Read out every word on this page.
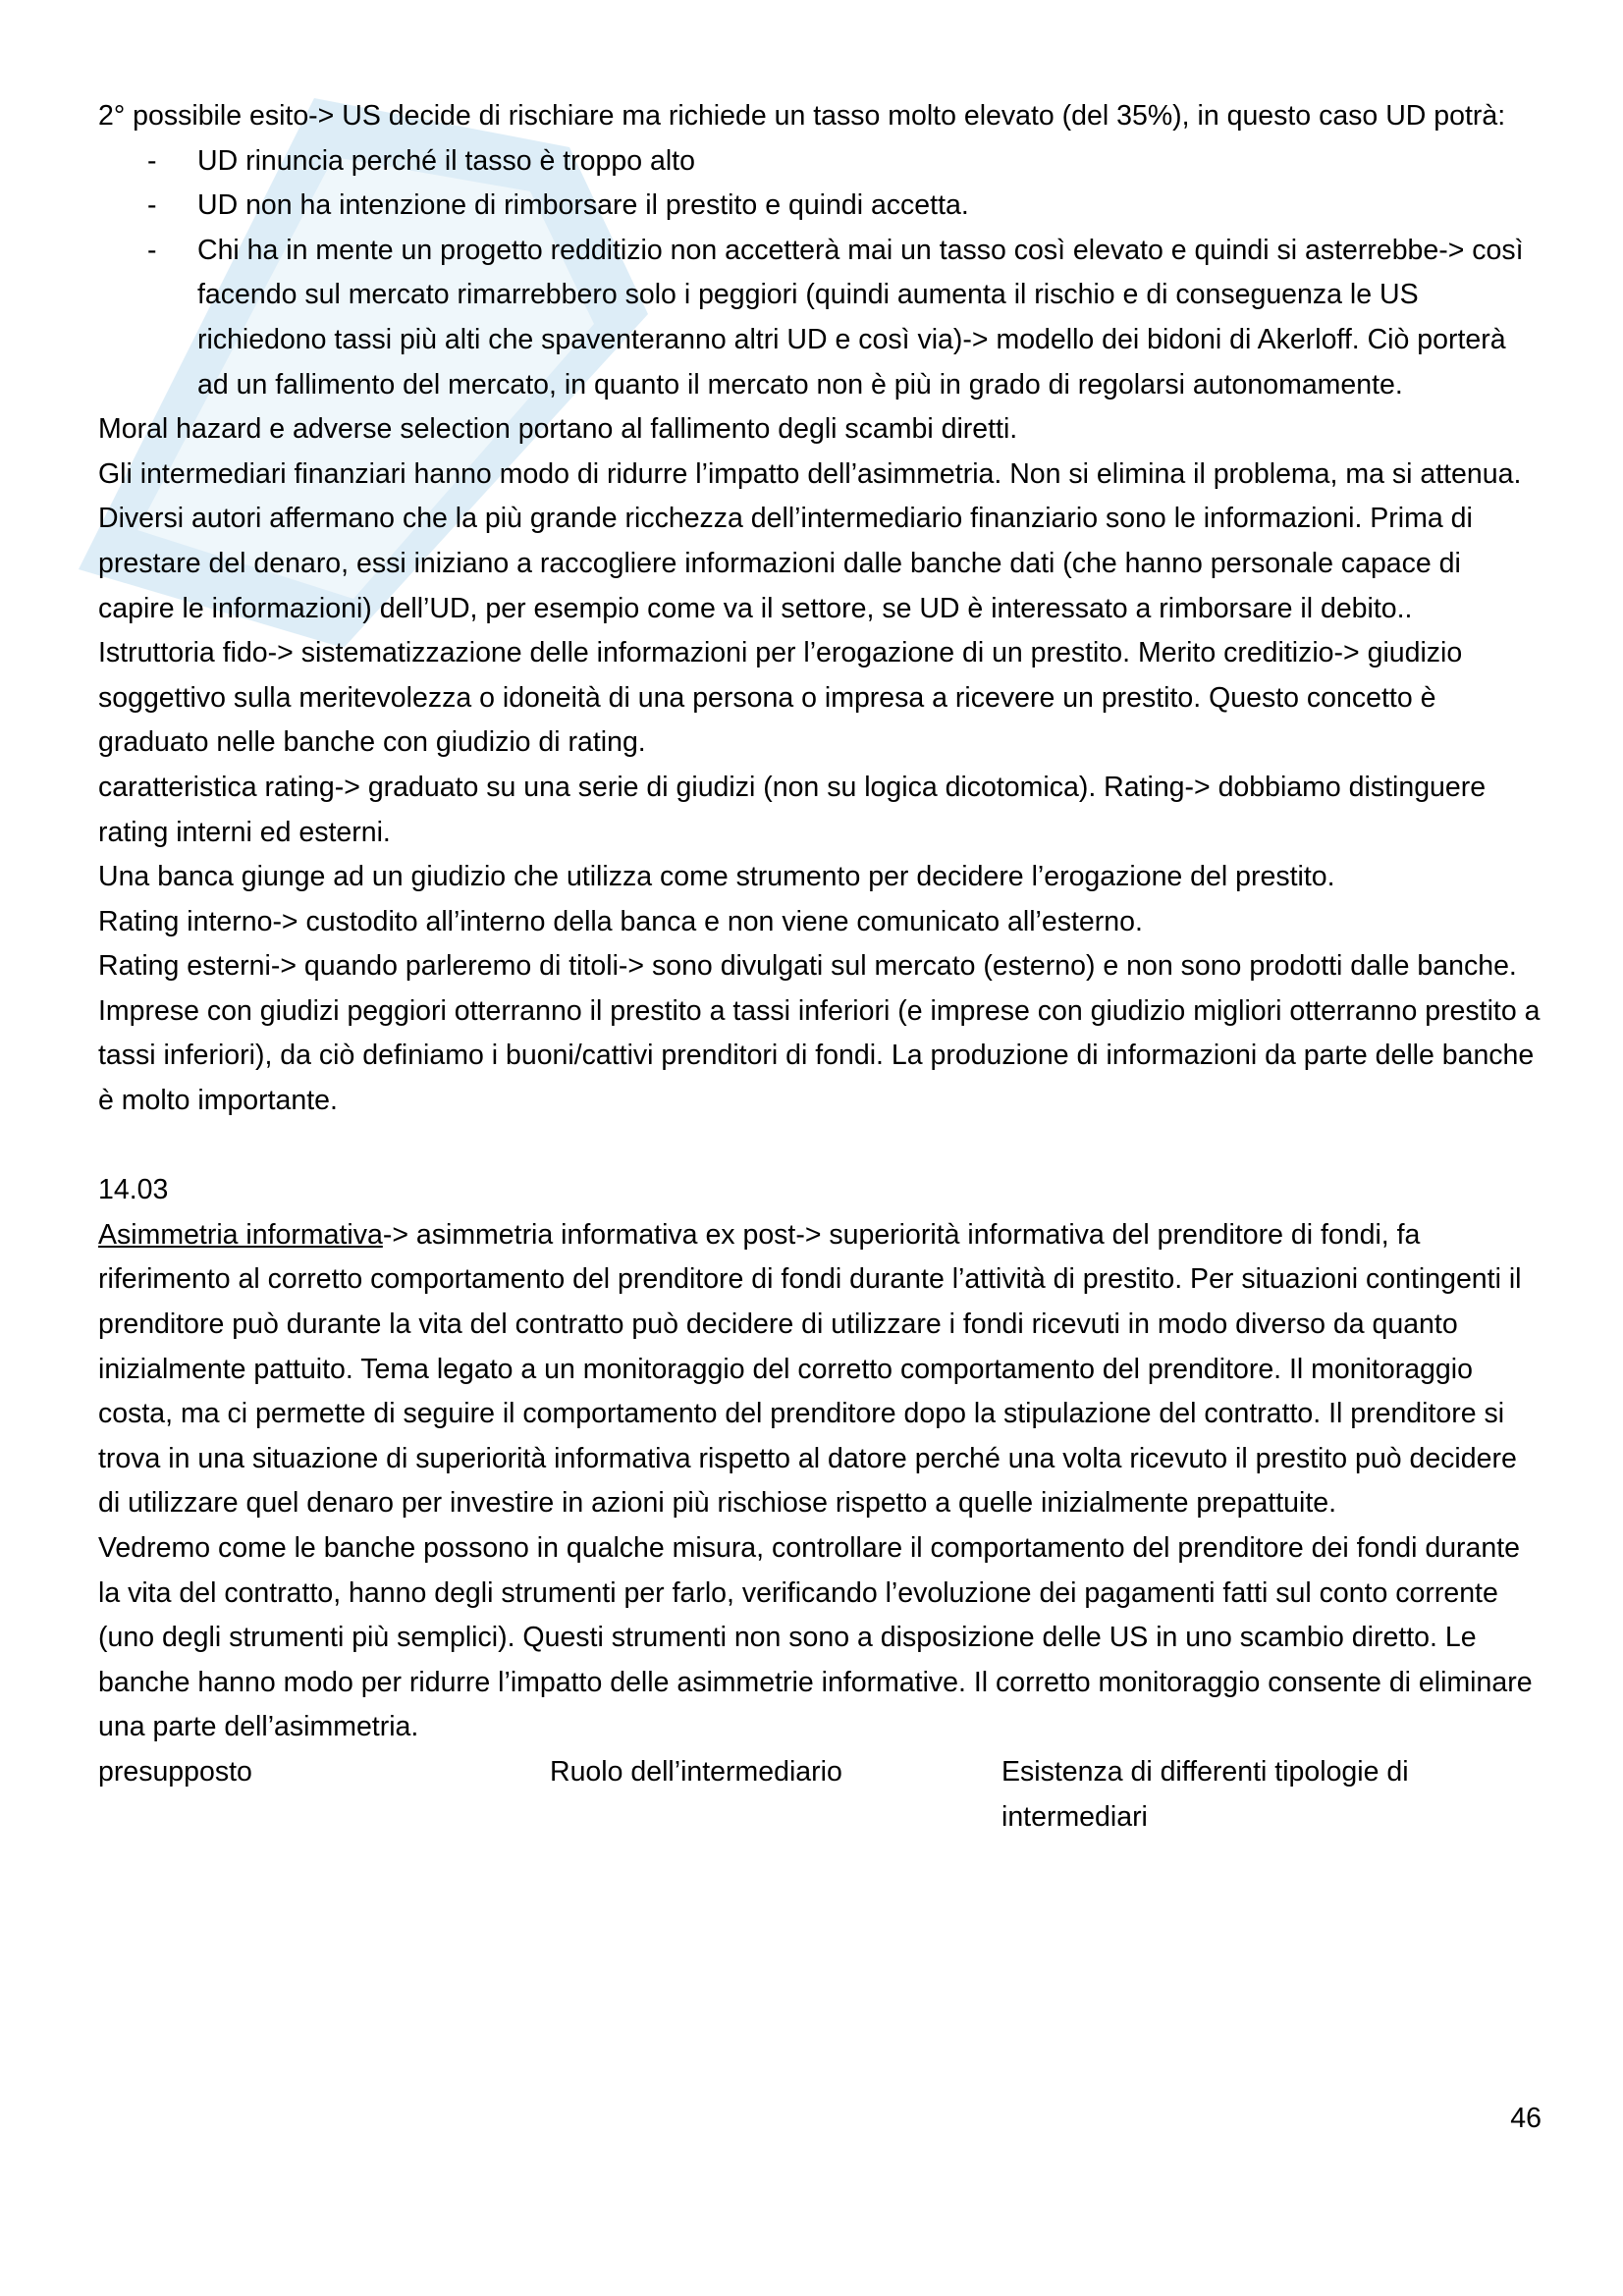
2° possibile esito-> US decide di rischiare ma richiede un tasso molto elevato (del 35%), in questo caso UD potrà:

- UD rinuncia perché il tasso è troppo alto
- UD non ha intenzione di rimborsare il prestito e quindi accetta.
- Chi ha in mente un progetto redditizio non accetterà mai un tasso così elevato e quindi si asterrebbe-> così facendo sul mercato rimarrebbero solo i peggiori (quindi aumenta il rischio e di conseguenza le US richiedono tassi più alti che spaventeranno altri UD e così via)-> modello dei bidoni di Akerloff. Ciò porterà ad un fallimento del mercato, in quanto il mercato non è più in grado di regolarsi autonomamente.

Moral hazard e adverse selection portano al fallimento degli scambi diretti.

Gli intermediari finanziari hanno modo di ridurre l’impatto dell’asimmetria. Non si elimina il problema, ma si attenua. Diversi autori affermano che la più grande ricchezza dell’intermediario finanziario sono le informazioni. Prima di prestare del denaro, essi iniziano a raccogliere informazioni dalle banche dati (che hanno personale capace di capire le informazioni) dell’UD, per esempio come va il settore, se UD è interessato a rimborsare il debito..

Istruttoria fido-> sistematizzazione delle informazioni per l’erogazione di un prestito. Merito creditizio-> giudizio soggettivo sulla meritevolezza o idoneità di una persona o impresa a ricevere un prestito. Questo concetto è graduato nelle banche con giudizio di rating.

caratteristica rating-> graduato su una serie di giudizi (non su logica dicotomica). Rating-> dobbiamo distinguere rating interni ed esterni.

Una banca giunge ad un giudizio che utilizza come strumento per decidere l’erogazione del prestito.

Rating interno-> custodito all’interno della banca e non viene comunicato all’esterno.

Rating esterni-> quando parleremo di titoli-> sono divulgati sul mercato (esterno) e non sono prodotti dalle banche.

Imprese con giudizi peggiori otterranno il prestito a tassi inferiori (e imprese con giudizio migliori otterranno prestito a tassi inferiori), da ciò definiamo i buoni/cattivi prenditori di fondi. La produzione di informazioni da parte delle banche è molto importante.

14.03

Asimmetria informativa-> asimmetria informativa ex post-> superiorità informativa del prenditore di fondi, fa riferimento al corretto comportamento del prenditore di fondi durante l’attività di prestito. Per situazioni contingenti il prenditore può durante la vita del contratto può decidere di utilizzare i fondi ricevuti in modo diverso da quanto inizialmente pattuito. Tema legato a un monitoraggio del corretto comportamento del prenditore. Il monitoraggio costa, ma ci permette di seguire il comportamento del prenditore dopo la stipulazione del contratto. Il prenditore si trova in una situazione di superiorità informativa rispetto al datore perché una volta ricevuto il prestito può decidere di utilizzare quel denaro per investire in azioni più rischiose rispetto a quelle inizialmente prepattuite.

Vedremo come le banche possono in qualche misura, controllare il comportamento del prenditore dei fondi durante la vita del contratto, hanno degli strumenti per farlo, verificando l’evoluzione dei pagamenti fatti sul conto corrente (uno degli strumenti più semplici). Questi strumenti non sono a disposizione delle US in uno scambio diretto. Le banche hanno modo per ridurre l’impatto delle asimmetrie informative. Il corretto monitoraggio consente di eliminare una parte dell’asimmetria.

presupposto	Ruolo dell’intermediario	Esistenza di differenti tipologie di intermediari
46
